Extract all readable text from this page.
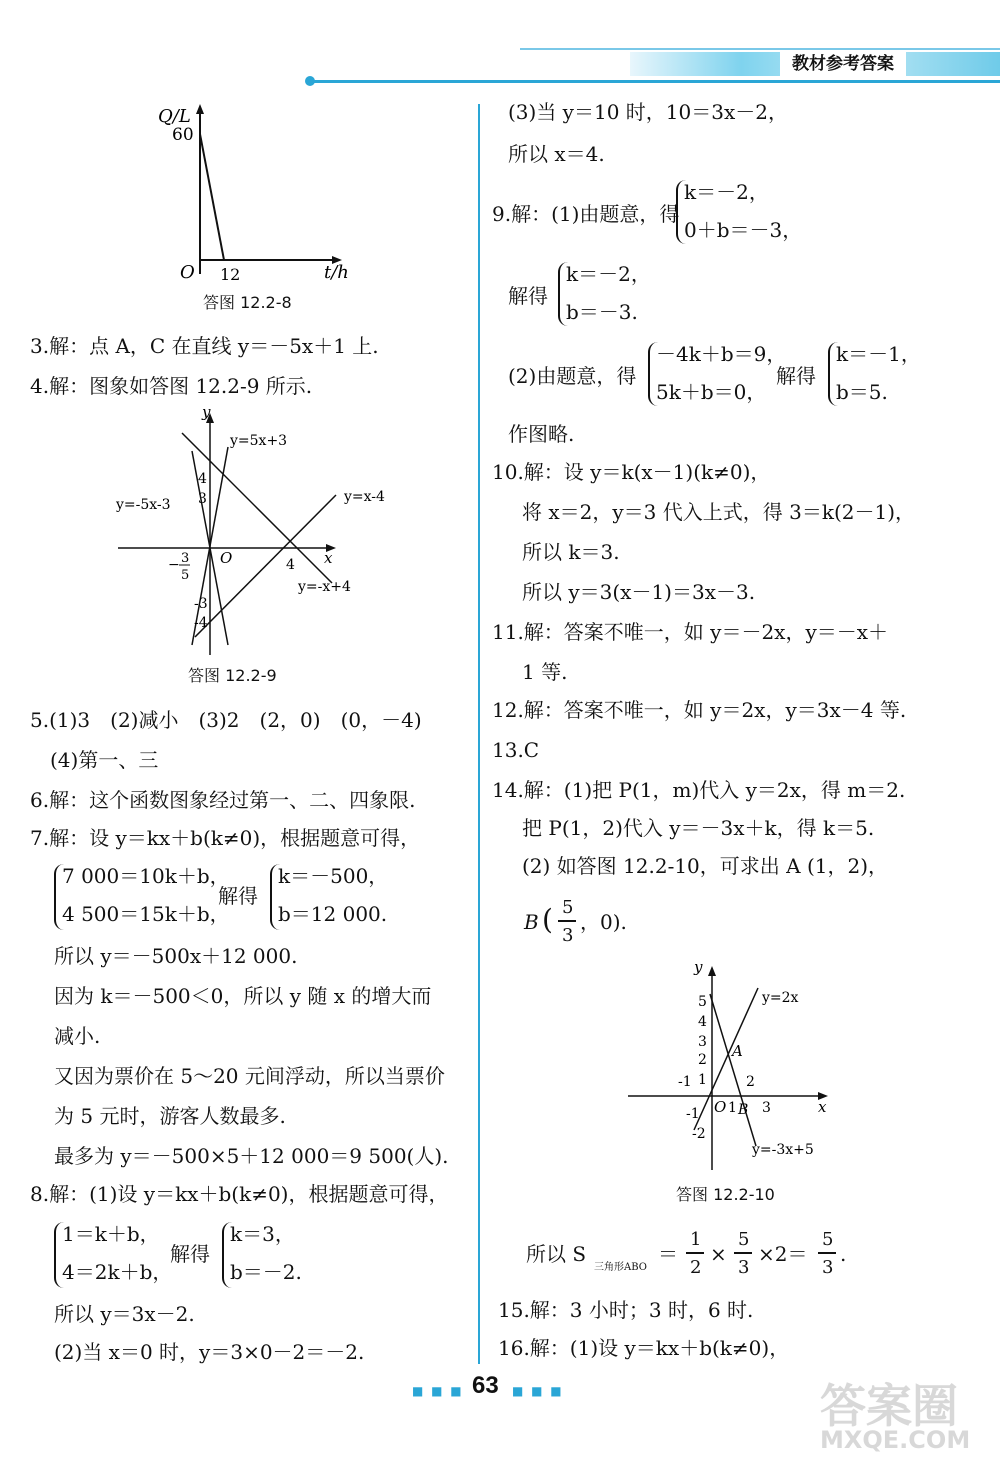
教材参考答案
Q/L
60
O 12	t/h
答图 12.2-8
3.解：点 A，C 在直线 y＝－5x＋1 上.
4.解：图象如答图 12.2-9 所示.
y
x
O
y=5x+3
y=-5x-3	y=x-4
y=-x+4
4
3
− 3
5
4
-3
-4
答图 12.2-9
5.(1)3　(2)减小　(3)2　(2，0)　(0，－4)
(4)第一、三
6.解：这个函数图象经过第一、二、四象限.
7.解：设 y＝kx＋b(k≠0)，根据题意可得，
7 000＝10k＋b，
4 500＝15k＋b，
解得
k＝－500，
b＝12 000.
所以 y＝－500x＋12 000.
因为 k＝－500＜0，所以 y 随 x 的增大而
减小.
又因为票价在 5～20 元间浮动，所以当票价
为 5 元时，游客人数最多.
最多为 y＝－500×5＋12 000＝9 500(人).
8.解：(1)设 y＝kx＋b(k≠0)，根据题意可得，
1＝k＋b，
4＝2k＋b，
解得
k＝3，
b＝－2.
所以 y＝3x－2.
(2)当 x＝0 时，y＝3×0－2＝－2.
(3)当 y＝10 时，10＝3x－2，
所以 x＝4.
9.解：(1)由题意，得
k＝－2，
0＋b＝－3，
解得
k＝－2，
b＝－3.
(2)由题意，得
－4k＋b＝9，
5k＋b＝0，
解得
k＝－1，
b＝5.
作图略.
10.解：设 y＝k(x－1)(k≠0)，
将 x＝2，y＝3 代入上式，得 3＝k(2－1)，
所以 k＝3.
所以 y＝3(x－1)＝3x－3.
11.解：答案不唯一，如 y＝－2x，y＝－x＋
1 等.
12.解：答案不唯一，如 y＝2x，y＝3x－4 等.
13.C
14.解：(1)把 P(1，m)代入 y＝2x，得 m＝2.
把 P(1，2)代入 y＝－3x＋k，得 k＝5.
(2) 如答图 12.2-10，可求出 A (1，2)，
B ( 5
3
，0).
y
x
O
y=2x
y=-3x+5
A
B
5
4
3
2
1
-1
-1
-2
1
2
3
答图 12.2-10
所以 S
三角形ABO
＝
1
2
×
5
3
×2＝
5
3
.
15.解：3 小时；3 时，6 时.
16.解：(1)设 y＝kx＋b(k≠0)，
■ ■ ■ 63 ■ ■ ■	答案圈
MXQE.COM
